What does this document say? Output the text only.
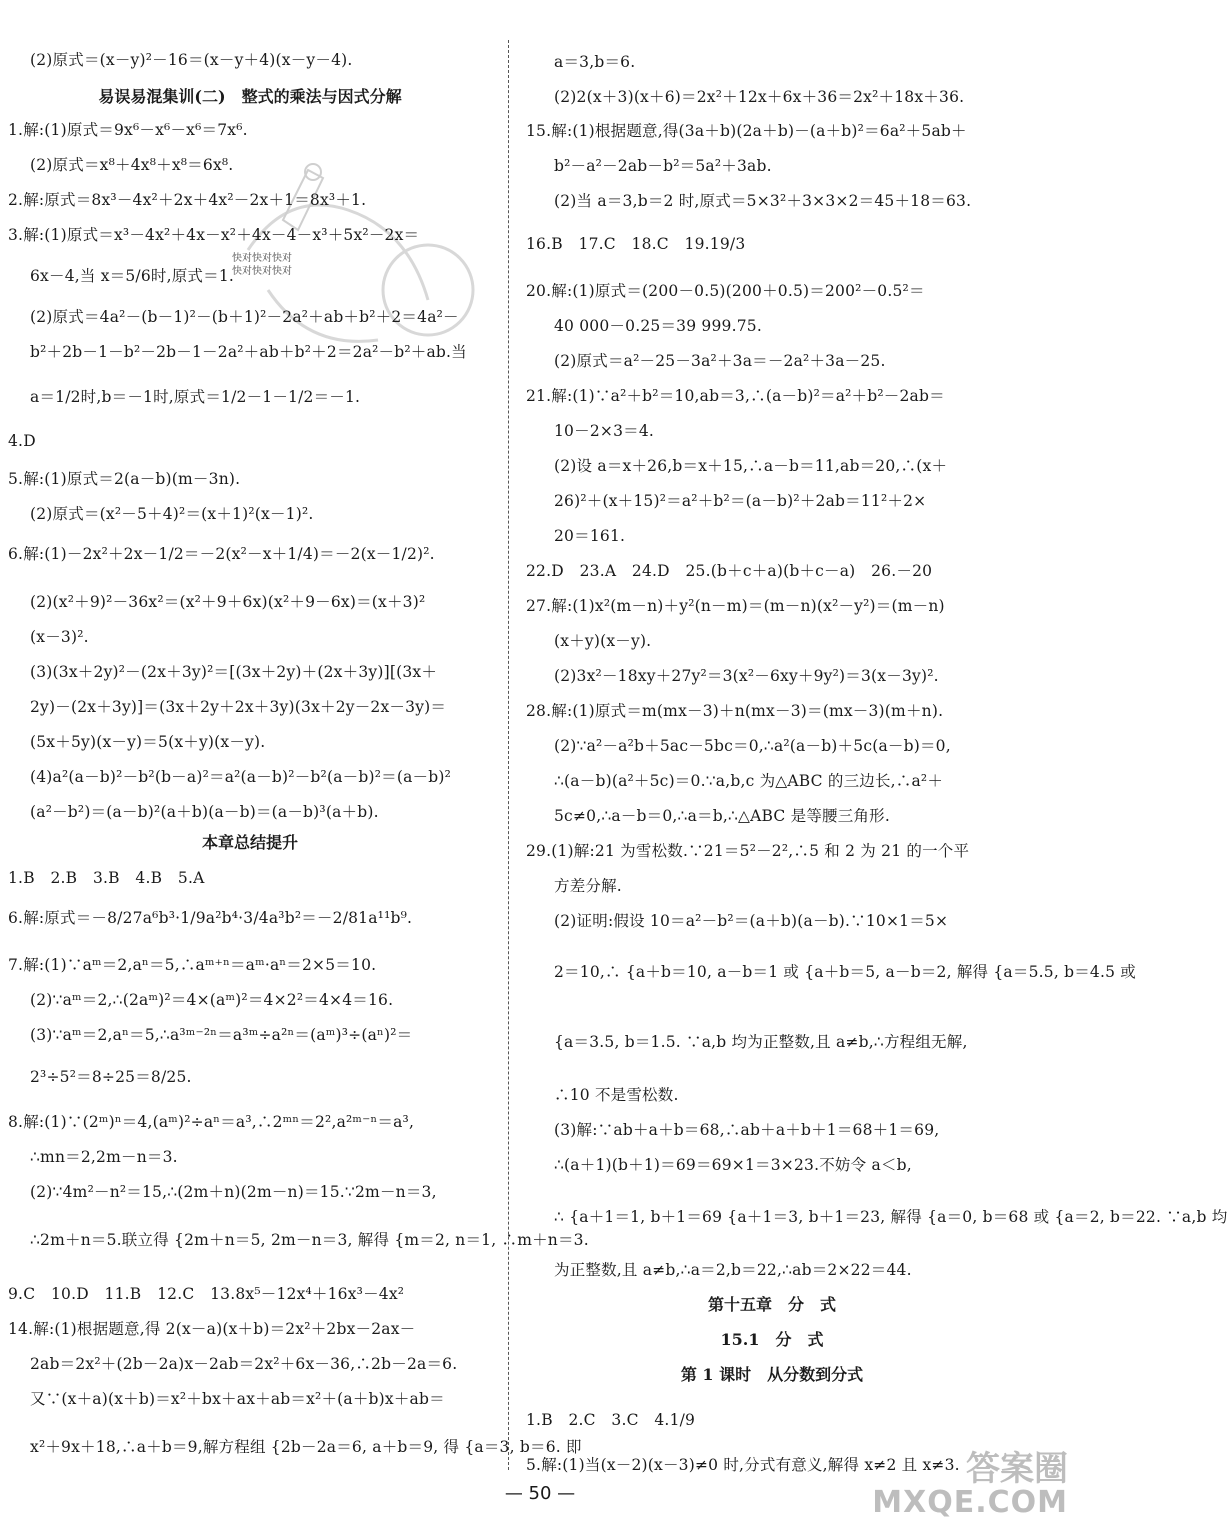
(2)原式＝(x－y)²－16＝(x－y＋4)(x－y－4).
易误易混集训(二)　整式的乘法与因式分解
1.解:(1)原式＝9x⁶－x⁶－x⁶＝7x⁶.
(2)原式＝x⁸＋4x⁸＋x⁸＝6x⁸.
2.解:原式＝8x³－4x²＋2x＋4x²－2x＋1＝8x³＋1.
3.解:(1)原式＝x³－4x²＋4x－x²＋4x－4－x³＋5x²－2x＝
6x－4,当 x＝5/6时,原式＝1.
(2)原式＝4a²－(b－1)²－(b＋1)²－2a²＋ab＋b²＋2＝4a²－
b²＋2b－1－b²－2b－1－2a²＋ab＋b²＋2＝2a²－b²＋ab.当
a＝1/2时,b＝－1时,原式＝1/2－1－1/2＝－1.
4.D
5.解:(1)原式＝2(a－b)(m－3n).
(2)原式＝(x²－5＋4)²＝(x＋1)²(x－1)².
6.解:(1)－2x²＋2x－1/2＝－2(x²－x＋1/4)＝－2(x－1/2)².
(2)(x²＋9)²－36x²＝(x²＋9＋6x)(x²＋9－6x)＝(x＋3)²
(x－3)².
(3)(3x＋2y)²－(2x＋3y)²＝[(3x＋2y)＋(2x＋3y)][(3x＋
2y)－(2x＋3y)]＝(3x＋2y＋2x＋3y)(3x＋2y－2x－3y)＝
(5x＋5y)(x－y)＝5(x＋y)(x－y).
(4)a²(a－b)²－b²(b－a)²＝a²(a－b)²－b²(a－b)²＝(a－b)²
(a²－b²)＝(a－b)²(a＋b)(a－b)＝(a－b)³(a＋b).
本章总结提升
1.B　2.B　3.B　4.B　5.A
6.解:原式＝－8/27a⁶b³·1/9a²b⁴·3/4a³b²＝－2/81a¹¹b⁹.
7.解:(1)∵aᵐ＝2,aⁿ＝5,∴aᵐ⁺ⁿ＝aᵐ·aⁿ＝2×5＝10.
(2)∵aᵐ＝2,∴(2aᵐ)²＝4×(aᵐ)²＝4×2²＝4×4＝16.
(3)∵aᵐ＝2,aⁿ＝5,∴a³ᵐ⁻²ⁿ＝a³ᵐ÷a²ⁿ＝(aᵐ)³÷(aⁿ)²＝
2³÷5²＝8÷25＝8/25.
8.解:(1)∵(2ᵐ)ⁿ＝4,(aᵐ)²÷aⁿ＝a³,∴2ᵐⁿ＝2²,a²ᵐ⁻ⁿ＝a³,
∴mn＝2,2m－n＝3.
(2)∵4m²－n²＝15,∴(2m＋n)(2m－n)＝15.∵2m－n＝3,
∴2m＋n＝5.联立得 {2m＋n＝5, 2m－n＝3, 解得 {m＝2, n＝1, ∴m＋n＝3.
9.C　10.D　11.B　12.C　13.8x⁵－12x⁴＋16x³－4x²
14.解:(1)根据题意,得 2(x－a)(x＋b)＝2x²＋2bx－2ax－
2ab＝2x²＋(2b－2a)x－2ab＝2x²＋6x－36,∴2b－2a＝6.
又∵(x＋a)(x＋b)＝x²＋bx＋ax＋ab＝x²＋(a＋b)x＋ab＝
x²＋9x＋18,∴a＋b＝9,解方程组 {2b－2a＝6, a＋b＝9, 得 {a＝3, b＝6. 即
a＝3,b＝6.
(2)2(x＋3)(x＋6)＝2x²＋12x＋6x＋36＝2x²＋18x＋36.
15.解:(1)根据题意,得(3a＋b)(2a＋b)－(a＋b)²＝6a²＋5ab＋
b²－a²－2ab－b²＝5a²＋3ab.
(2)当 a＝3,b＝2 时,原式＝5×3²＋3×3×2＝45＋18＝63.
16.B　17.C　18.C　19.19/3
20.解:(1)原式＝(200－0.5)(200＋0.5)＝200²－0.5²＝
40 000－0.25＝39 999.75.
(2)原式＝a²－25－3a²＋3a＝－2a²＋3a－25.
21.解:(1)∵a²＋b²＝10,ab＝3,∴(a－b)²＝a²＋b²－2ab＝
10－2×3＝4.
(2)设 a＝x＋26,b＝x＋15,∴a－b＝11,ab＝20,∴(x＋
26)²＋(x＋15)²＝a²＋b²＝(a－b)²＋2ab＝11²＋2×
20＝161.
22.D　23.A　24.D　25.(b＋c＋a)(b＋c－a)　26.－20
27.解:(1)x²(m－n)＋y²(n－m)＝(m－n)(x²－y²)＝(m－n)
(x＋y)(x－y).
(2)3x²－18xy＋27y²＝3(x²－6xy＋9y²)＝3(x－3y)².
28.解:(1)原式＝m(mx－3)＋n(mx－3)＝(mx－3)(m＋n).
(2)∵a²－a²b＋5ac－5bc＝0,∴a²(a－b)＋5c(a－b)＝0,
∴(a－b)(a²＋5c)＝0.∵a,b,c 为△ABC 的三边长,∴a²＋
5c≠0,∴a－b＝0,∴a＝b,∴△ABC 是等腰三角形.
29.(1)解:21 为雪松数.∵21＝5²－2²,∴5 和 2 为 21 的一个平
方差分解.
(2)证明:假设 10＝a²－b²＝(a＋b)(a－b).∵10×1＝5×
2＝10,∴ {a＋b＝10, a－b＝1 或 {a＋b＝5, a－b＝2, 解得 {a＝5.5, b＝4.5 或
{a＝3.5, b＝1.5. ∵a,b 均为正整数,且 a≠b,∴方程组无解,
∴10 不是雪松数.
(3)解:∵ab＋a＋b＝68,∴ab＋a＋b＋1＝68＋1＝69,
∴(a＋1)(b＋1)＝69＝69×1＝3×23.不妨令 a＜b,
∴ {a＋1＝1, b＋1＝69 {a＋1＝3, b＋1＝23, 解得 {a＝0, b＝68 或 {a＝2, b＝22. ∵a,b 均
为正整数,且 a≠b,∴a＝2,b＝22,∴ab＝2×22＝44.
第十五章　分　式
15.1　分　式
第 1 课时　从分数到分式
1.B　2.C　3.C　4.1/9
5.解:(1)当(x－2)(x－3)≠0 时,分式有意义,解得 x≠2 且 x≠3.
快对快对快对
快对快对快对
— 50 —
答案圈
MXQE.COM
